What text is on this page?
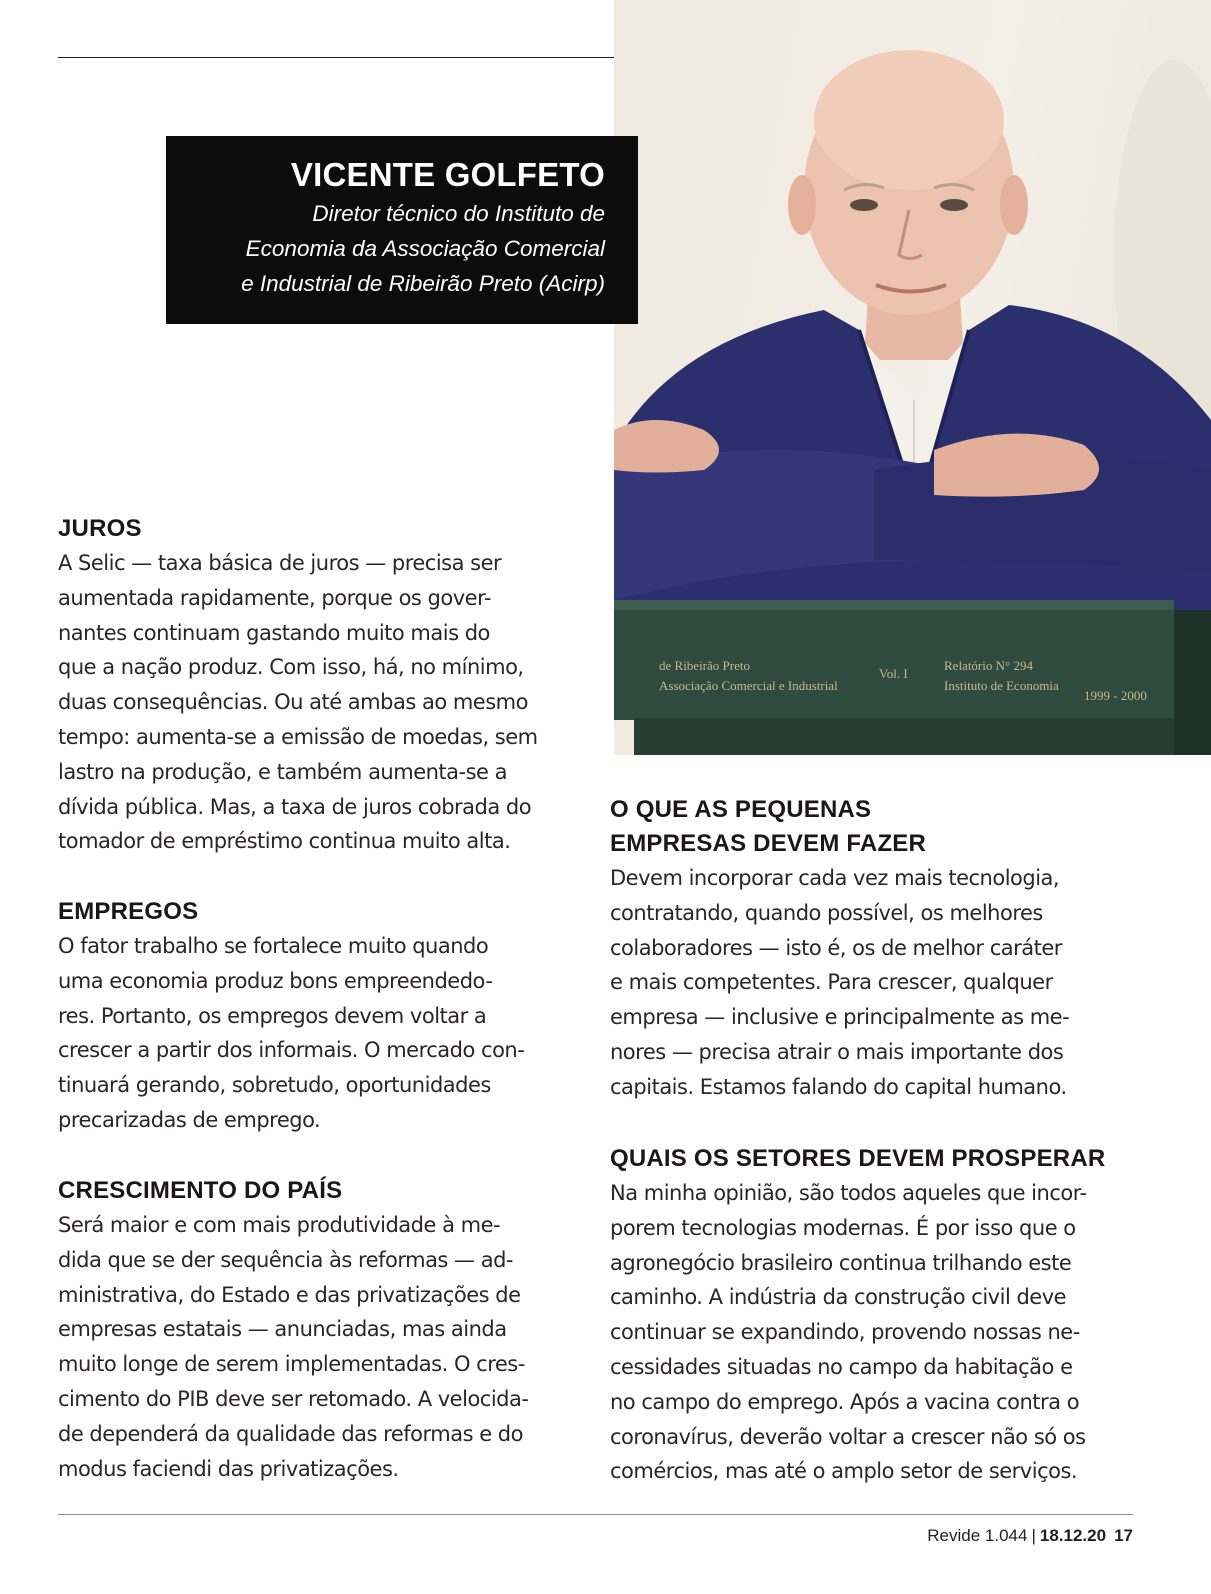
de Ribeirão Preto
Associação Comercial e Industrial
Vol. I
Relatório N° 294
Instituto de Economia
1999 - 2000
VICENTE GOLFETO
Diretor técnico do Instituto de
Economia da Associação Comercial
e Industrial de Ribeirão Preto (Acirp)
JUROS

A Selic — taxa básica de juros — precisa ser

aumentada rapidamente, porque os gover-

nantes continuam gastando muito mais do

que a nação produz. Com isso, há, no mínimo,

duas consequências. Ou até ambas ao mesmo

tempo: aumenta-se a emissão de moedas, sem

lastro na produção, e também aumenta-se a

dívida pública. Mas, a taxa de juros cobrada do

tomador de empréstimo continua muito alta.

EMPREGOS

O fator trabalho se fortalece muito quando

uma economia produz bons empreendedo-

res. Portanto, os empregos devem voltar a

crescer a partir dos informais. O mercado con-

tinuará gerando, sobretudo, oportunidades

precarizadas de emprego.

CRESCIMENTO DO PAÍS

Será maior e com mais produtividade à me-

dida que se der sequência às reformas — ad-

ministrativa, do Estado e das privatizações de

empresas estatais — anunciadas, mas ainda

muito longe de serem implementadas. O cres-

cimento do PIB deve ser retomado. A velocida-

de dependerá da qualidade das reformas e do

modus faciendi das privatizações.

O QUE AS PEQUENAS
EMPRESAS DEVEM FAZER

Devem incorporar cada vez mais tecnologia,

contratando, quando possível, os melhores

colaboradores — isto é, os de melhor caráter

e mais competentes. Para crescer, qualquer

empresa — inclusive e principalmente as me-

nores — precisa atrair o mais importante dos

capitais. Estamos falando do capital humano.

QUAIS OS SETORES DEVEM PROSPERAR

Na minha opinião, são todos aqueles que incor-

porem tecnologias modernas. É por isso que o

agronegócio brasileiro continua trilhando este

caminho. A indústria da construção civil deve

continuar se expandindo, provendo nossas ne-

cessidades situadas no campo da habitação e

no campo do emprego. Após a vacina contra o

coronavírus, deverão voltar a crescer não só os

comércios, mas até o amplo setor de serviços.

Revide 1.044 | 18.12.20 17
